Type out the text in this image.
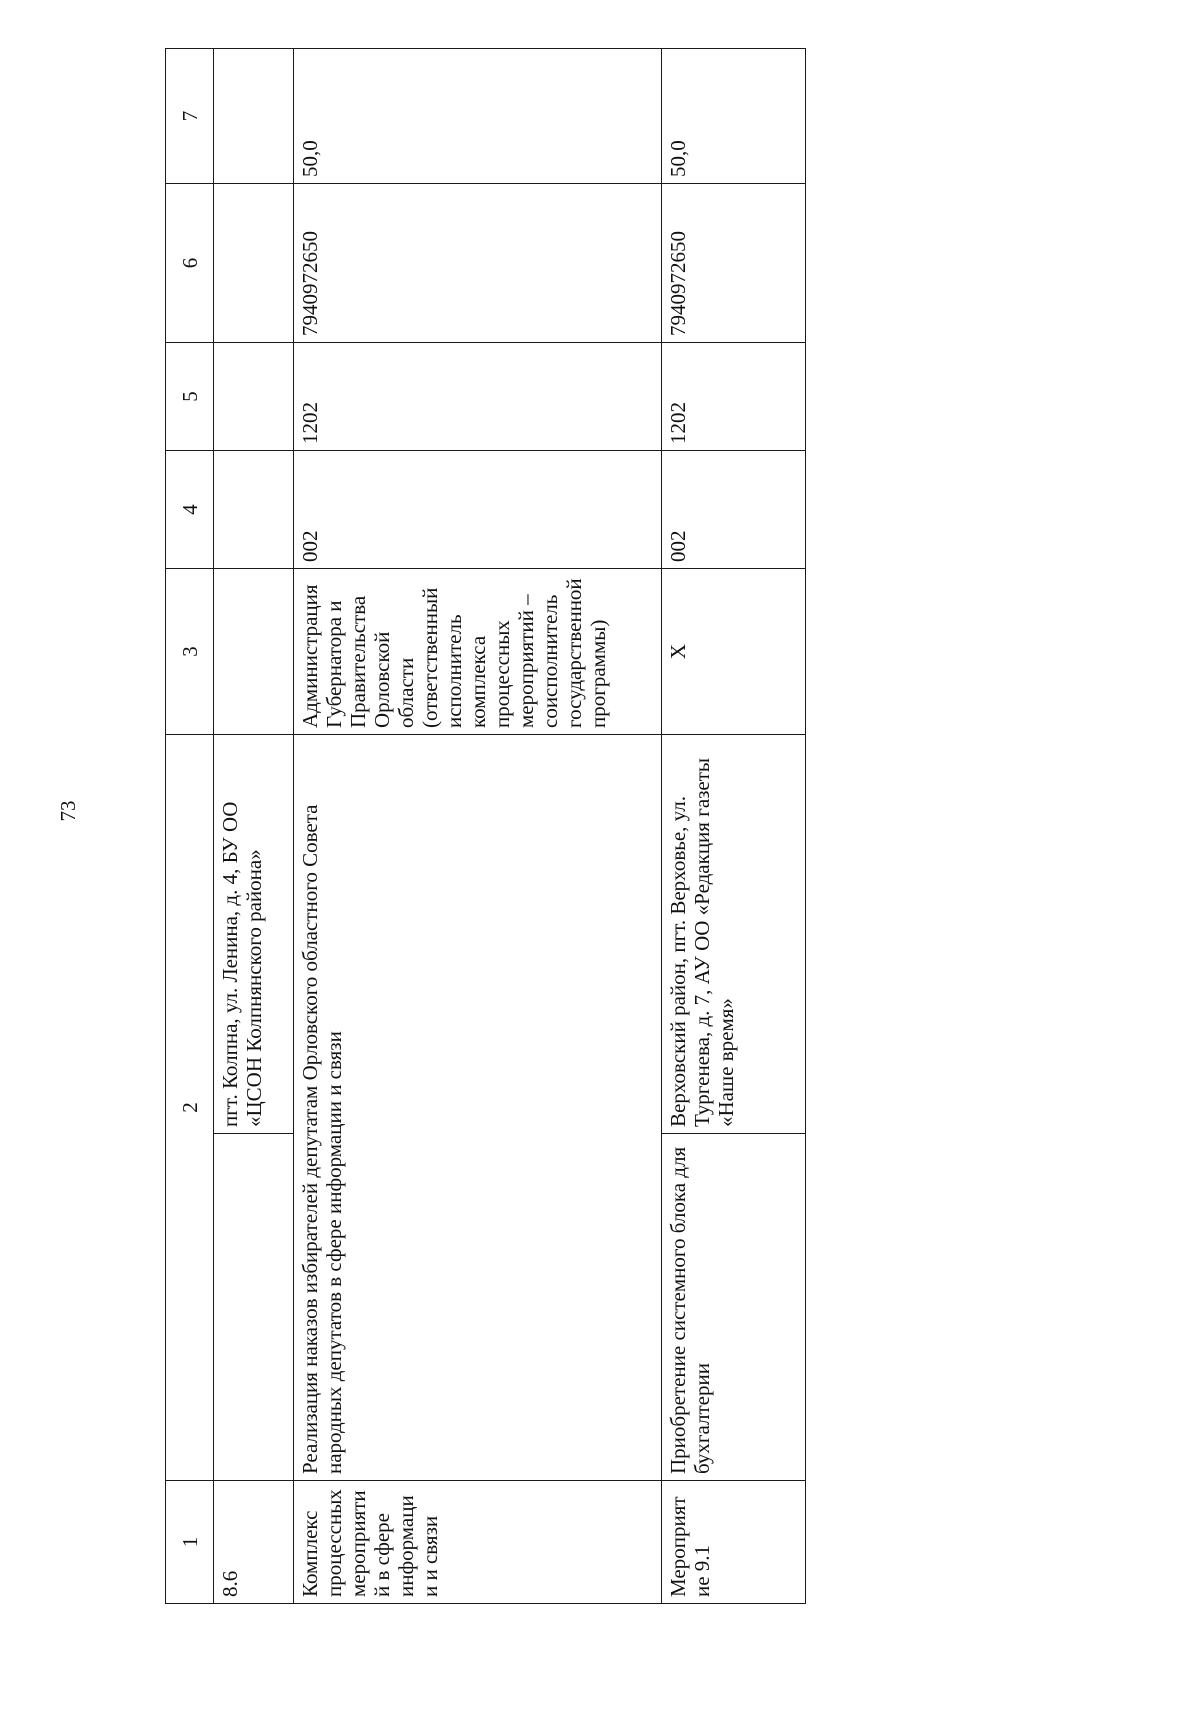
73
1	2		3	4	5	6	7
8.6		пгт. Колпна, ул. Ленина, д. 4, БУ ОО «ЦСОН Колпнянского района»					
Комплекс процессных мероприятий в сфере информации и связи	Реализация наказов избирателей депутатам Орловского областного Совета народных депутатов в сфере информации и связи		Администрация Губернатора и Правительства Орловской области (ответственный исполнитель комплекса процессных мероприятий – соисполнитель государственной программы)	002	1202	7940972650	50,0
Мероприятие 9.1	Приобретение системного блока для бухгалтерии	Верховский район, пгт. Верховье, ул. Тургенева, д. 7, АУ ОО «Редакция газеты «Наше время»	X	002	1202	7940972650	50,0
